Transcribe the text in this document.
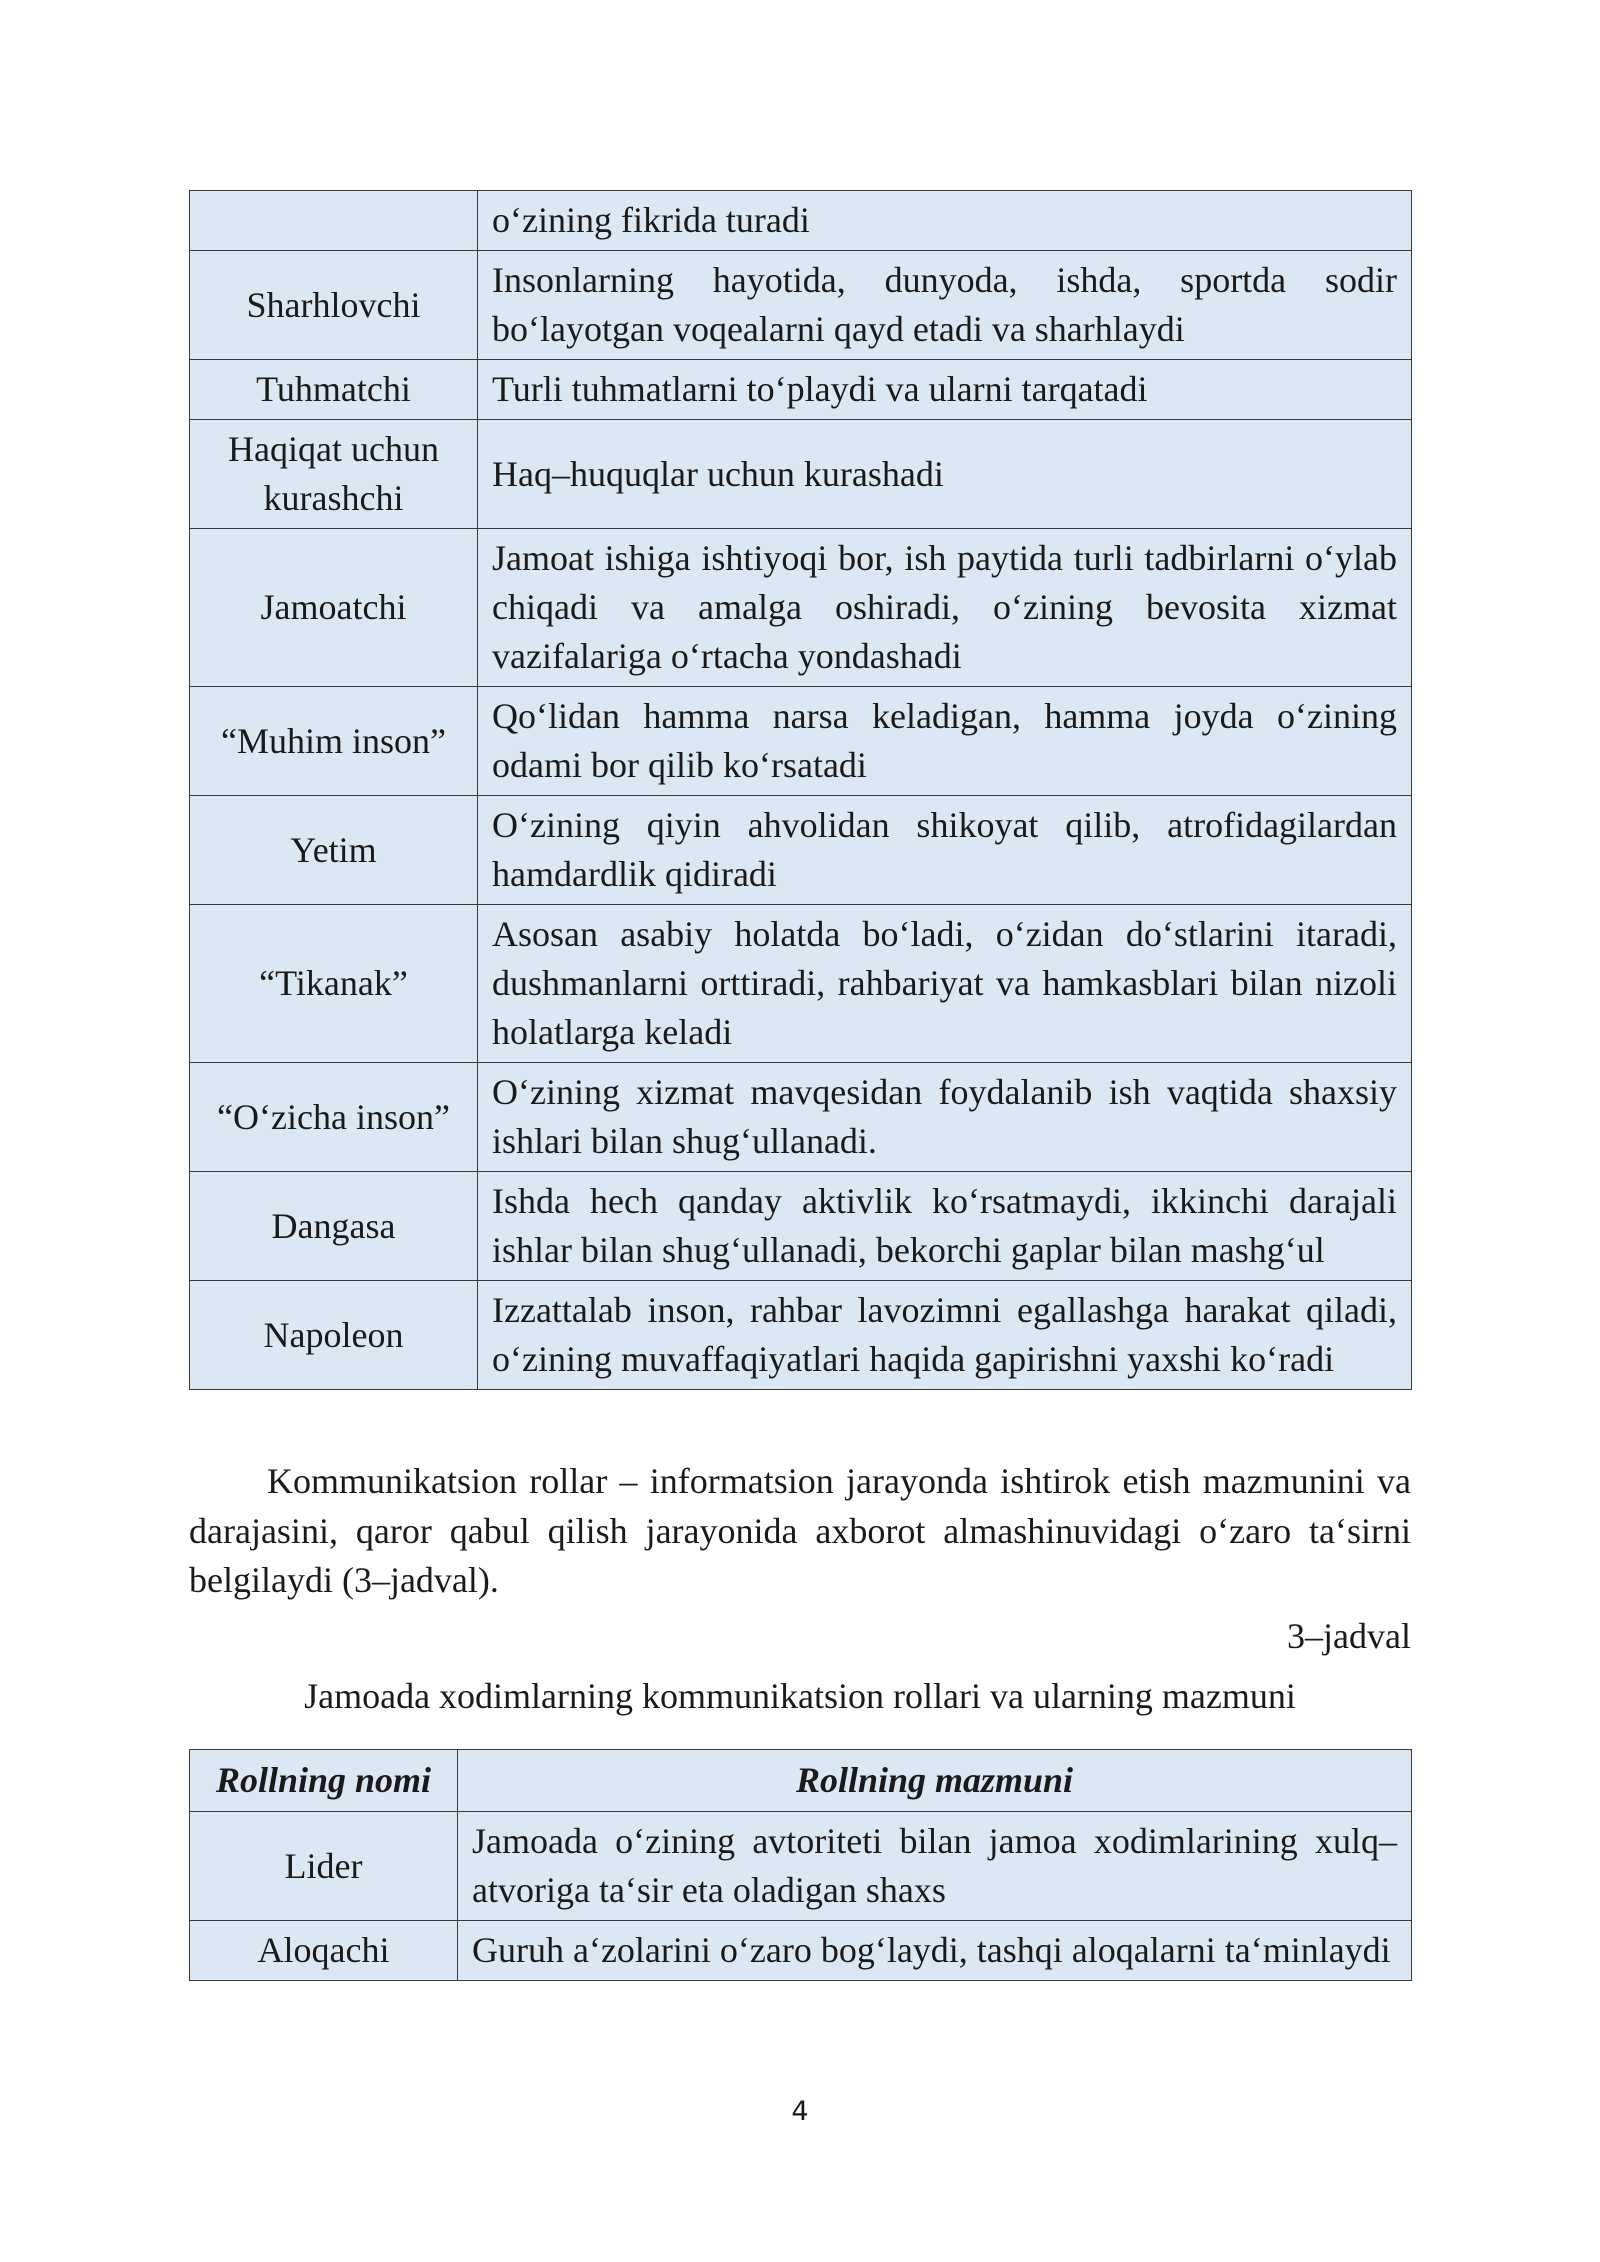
	o‘zining fikrida turadi
Sharhlovchi	Insonlarning hayotida, dunyoda, ishda, sportda sodir bo‘layotgan voqealarni qayd etadi va sharhlaydi
Tuhmatchi	Turli tuhmatlarni to‘playdi va ularni tarqatadi
Haqiqat uchun kurashchi	Haq–huquqlar uchun kurashadi
Jamoatchi	Jamoat ishiga ishtiyoqi bor, ish paytida turli tadbirlarni o‘ylab chiqadi va amalga oshiradi, o‘zining bevosita xizmat vazifalariga o‘rtacha yondashadi
“Muhim inson”	Qo‘lidan hamma narsa keladigan, hamma joyda o‘zining odami bor qilib ko‘rsatadi
Yetim	O‘zining qiyin ahvolidan shikoyat qilib, atrofidagilardan hamdardlik qidiradi
“Tikanak”	Asosan asabiy holatda bo‘ladi, o‘zidan do‘stlarini itaradi, dushmanlarni orttiradi, rahbariyat va hamkasblari bilan nizoli holatlarga keladi
“O‘zicha inson”	O‘zining xizmat mavqesidan foydalanib ish vaqtida shaxsiy ishlari bilan shug‘ullanadi.
Dangasa	Ishda hech qanday aktivlik ko‘rsatmaydi, ikkinchi darajali ishlar bilan shug‘ullanadi, bekorchi gaplar bilan mashg‘ul
Napoleon	Izzattalab inson, rahbar lavozimni egallashga harakat qiladi, o‘zining muvaffaqiyatlari haqida gapirishni yaxshi ko‘radi

Kommunikatsion rollar – informatsion jarayonda ishtirok etish mazmunini va darajasini, qaror qabul qilish jarayonida axborot almashinuvidagi o‘zaro ta‘sirni belgilaydi (3–jadval).

3–jadval

Jamoada xodimlarning kommunikatsion rollari va ularning mazmuni

Rollning nomi	Rollning mazmuni
Lider	Jamoada o‘zining avtoriteti bilan jamoa xodimlarining xulq–atvoriga ta‘sir eta oladigan shaxs
Aloqachi	Guruh a‘zolarini o‘zaro bog‘laydi, tashqi aloqalarni ta‘minlaydi

4
